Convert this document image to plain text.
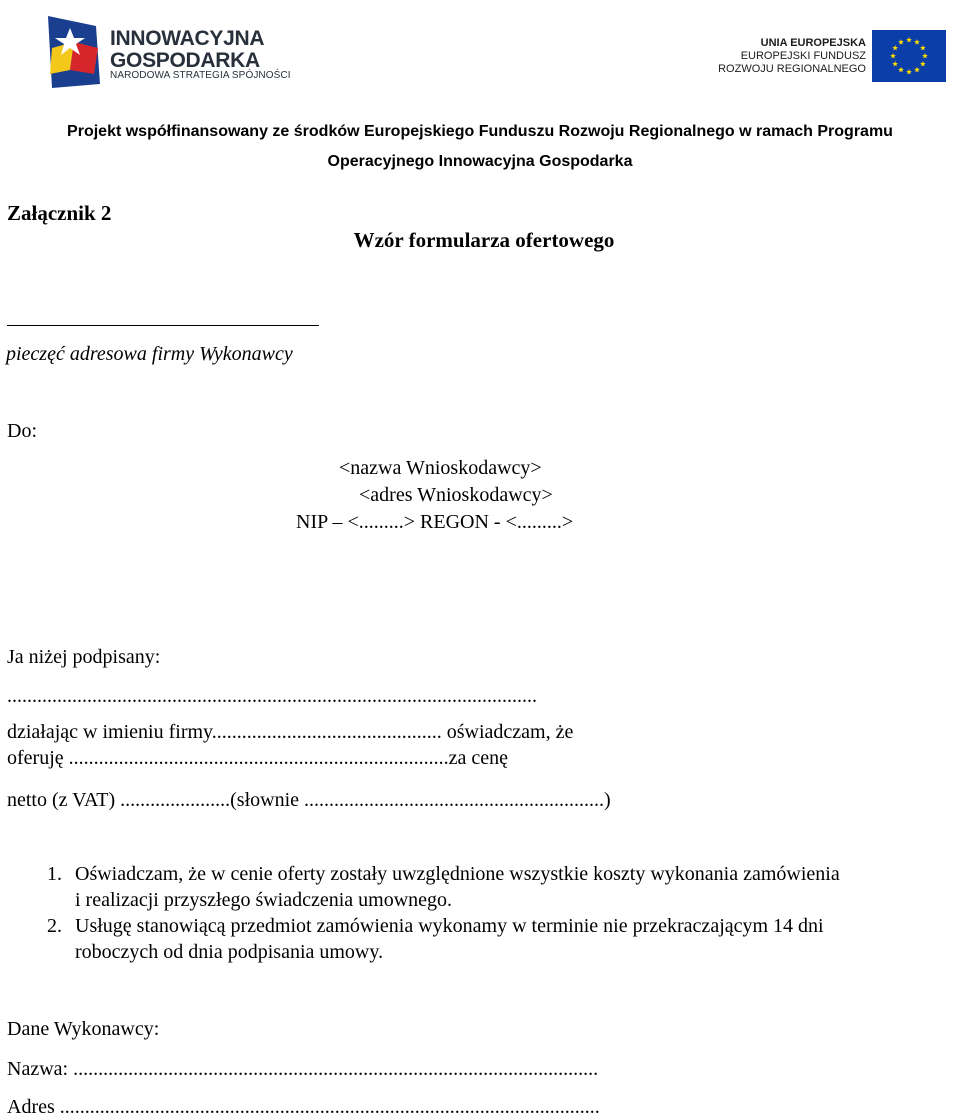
INNOWACYJNA
GOSPODARKA
NARODOWA STRATEGIA SPÓJNOŚCI
UNIA EUROPEJSKA
EUROPEJSKI FUNDUSZ
ROZWOJU REGIONALNEGO
Projekt współfinansowany ze środków Europejskiego Funduszu Rozwoju Regionalnego w ramach Programu
Operacyjnego Innowacyjna Gospodarka
Załącznik 2
Wzór formularza ofertowego
pieczęć adresowa firmy Wykonawcy
Do:
<nazwa Wnioskodawcy>
<adres Wnioskodawcy>
NIP – <.........> REGON - <.........>
Ja niżej podpisany:
..........................................................................................................
działając w imieniu firmy.............................................. oświadczam, że
oferuję ............................................................................za cenę
netto (z VAT) ......................(słownie ............................................................)
1. Oświadczam, że w cenie oferty zostały uwzględnione wszystkie koszty wykonania zamówienia
i realizacji przyszłego świadczenia umownego.
2. Usługę stanowiącą przedmiot zamówienia wykonamy w terminie nie przekraczającym 14 dni
roboczych od dnia podpisania umowy.
Dane Wykonawcy:
Nazwa: .........................................................................................................
Adres ............................................................................................................
